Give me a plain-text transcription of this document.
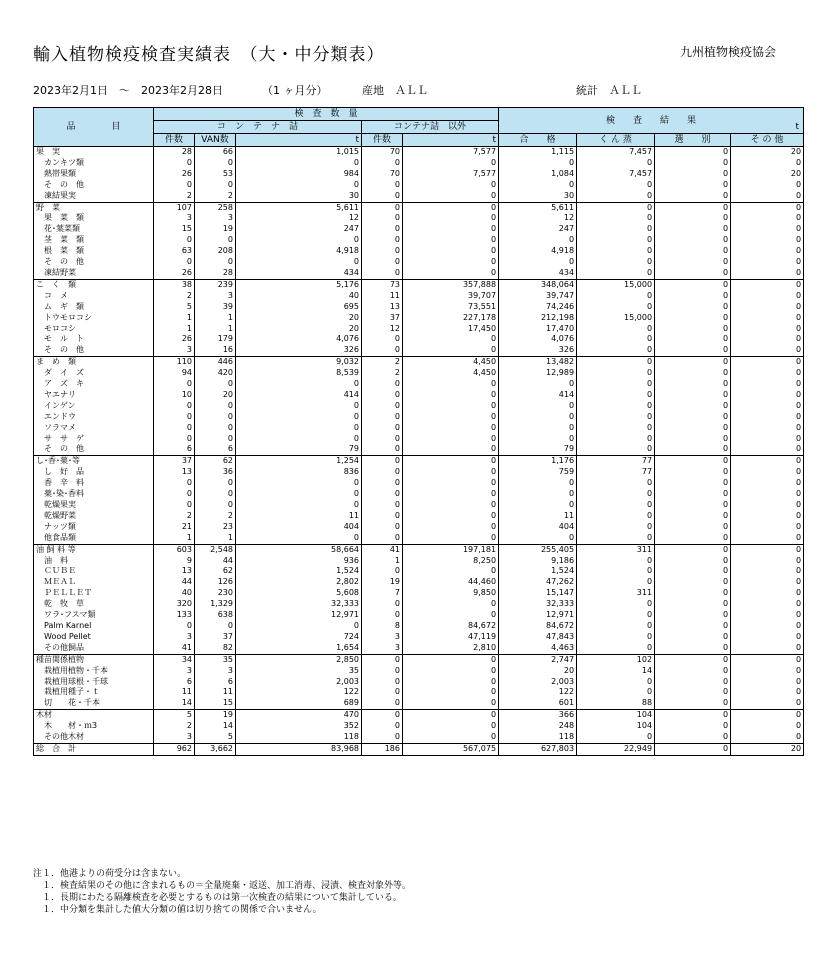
輸入植物検疫検査実績表　（大・中分類表）	九州植物検疫協会
2023年2月1日　～　2023年2月28日	（1 ヶ月分）	産地　ＡＬＬ	統計　ＡＬＬ
品　　　　目	検　査　数　量					検　　査　　結　　果
t			

	コ　ン　テ　ナ　詰			コンテナ詰　以外					
	件数	VAN数	t	件数	t	合　　格	く ん 蒸	選　　別	そ の 他
果　実	28	66	1,015	70	7,577	1,115	7,457	0	20
カンキツ類	0	0	0	0	0	0	0	0	0
熱帯果類	26	53	984	70	7,577	1,084	7,457	0	20
そ　の　他	0	0	0	0	0	0	0	0	0
凍結果実	2	2	30	0	0	30	0	0	0
野　菜	107	258	5,611	0	0	5,611	0	0	0
果　菜　類	3	3	12	0	0	12	0	0	0
花･葉菜類	15	19	247	0	0	247	0	0	0
茎　菜　類	0	0	0	0	0	0	0	0	0
根　菜　類	63	208	4,918	0	0	4,918	0	0	0
そ　の　他	0	0	0	0	0	0	0	0	0
凍結野菜	26	28	434	0	0	434	0	0	0
こ　く　類	38	239	5,176	73	357,888	348,064	15,000	0	0
コ　メ	2	3	40	11	39,707	39,747	0	0	0
ム　ギ　類	5	39	695	13	73,551	74,246	0	0	0
トウモロコシ	1	1	20	37	227,178	212,198	15,000	0	0
モロコシ	1	1	20	12	17,450	17,470	0	0	0
モ　ル　ト	26	179	4,076	0	0	4,076	0	0	0
そ　の　他	3	16	326	0	0	326	0	0	0
ま　め　類	110	446	9,032	2	4,450	13,482	0	0	0
ダ　イ　ズ	94	420	8,539	2	4,450	12,989	0	0	0
ア　ズ　キ	0	0	0	0	0	0	0	0	0
ヤエナリ	10	20	414	0	0	414	0	0	0
インゲン	0	0	0	0	0	0	0	0	0
エンドウ	0	0	0	0	0	0	0	0	0
ソラマメ	0	0	0	0	0	0	0	0	0
サ　サ　ゲ	0	0	0	0	0	0	0	0	0
そ　の　他	6	6	79	0	0	79	0	0	0
し･香･薬･等	37	62	1,254	0	0	1,176	77	0	0
し　好　品	13	36	836	0	0	759	77	0	0
香　辛　料	0	0	0	0	0	0	0	0	0
薬･染･香料	0	0	0	0	0	0	0	0	0
乾燥果実	0	0	0	0	0	0	0	0	0
乾燥野菜	2	2	11	0	0	11	0	0	0
ナッツ類	21	23	404	0	0	404	0	0	0
他食品類	1	1	0	0	0	0	0	0	0
油 飼 料 等	603	2,548	58,664	41	197,181	255,405	311	0	0
油　料	9	44	936	1	8,250	9,186	0	0	0
ＣＵＢＥ	13	62	1,524	0	0	1,524	0	0	0
ＭＥＡＬ	44	126	2,802	19	44,460	47,262	0	0	0
ＰＥＬＬＥＴ	40	230	5,608	7	9,850	15,147	311	0	0
乾　牧　草	320	1,329	32,333	0	0	32,333	0	0	0
ワラ･フスマ類	133	638	12,971	0	0	12,971	0	0	0
Palm Karnel	0	0	0	8	84,672	84,672	0	0	0
Wood Pellet	3	37	724	3	47,119	47,843	0	0	0
その他飼品	41	82	1,654	3	2,810	4,463	0	0	0
種苗関係植物	34	35	2,850	0	0	2,747	102	0	0
栽植用植物・千本	3	3	35	0	0	20	14	0	0
栽植用球根・千球	6	6	2,003	0	0	2,003	0	0	0
栽植用種子・ｔ	11	11	122	0	0	122	0	0	0
切　　花・千本	14	15	689	0	0	601	88	0	0
木材	5	19	470	0	0	366	104	0	0
木　　材・ｍ3	2	14	352	0	0	248	104	0	0
その他木材	3	5	118	0	0	118	0	0	0
総　合　計	962	3,662	83,968	186	567,075	627,803	22,949	0	20
注１．他港よりの荷受分は含まない。
　１．検査結果のその他に含まれるもの＝全量廃棄・返送、加工消毒、浸漬、検査対象外等。
　１．長期にわたる隔離検査を必要とするものは第一次検査の結果について集計している。
　１．中分類を集計した値大分類の値は切り捨ての関係で合いません。
